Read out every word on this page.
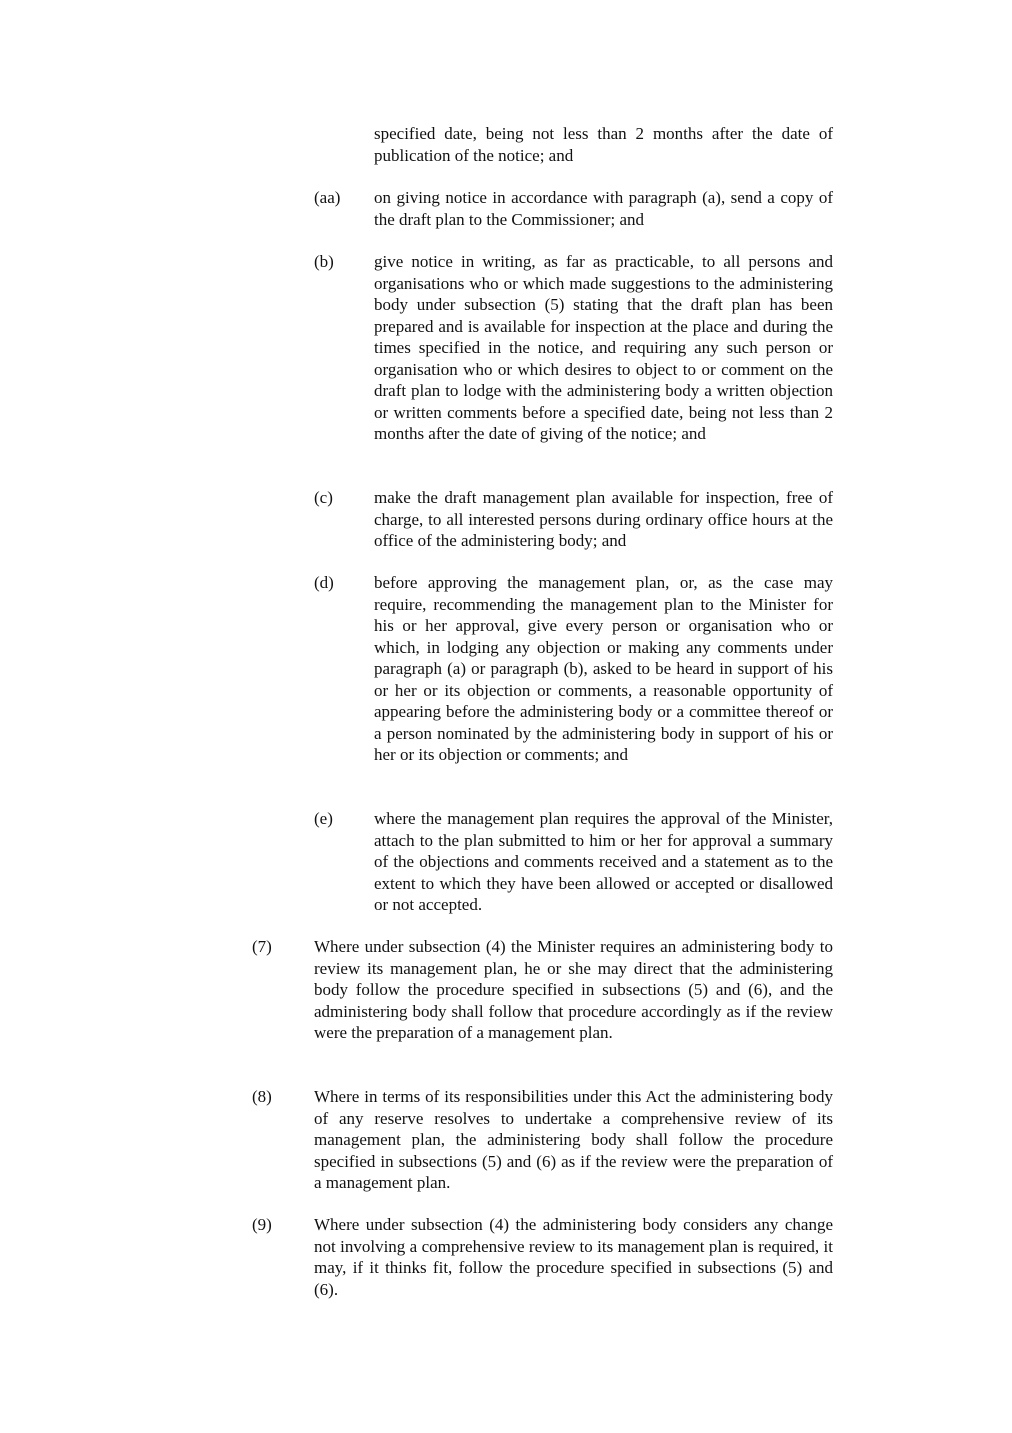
specified date, being not less than 2 months after the date of publication of the notice; and
(aa) on giving notice in accordance with paragraph (a), send a copy of the draft plan to the Commissioner; and
(b) give notice in writing, as far as practicable, to all persons and organisations who or which made suggestions to the administering body under subsection (5) stating that the draft plan has been prepared and is available for inspection at the place and during the times specified in the notice, and requiring any such person or organisation who or which desires to object to or comment on the draft plan to lodge with the administering body a written objection or written comments before a specified date, being not less than 2 months after the date of giving of the notice; and
(c) make the draft management plan available for inspection, free of charge, to all interested persons during ordinary office hours at the office of the administering body; and
(d) before approving the management plan, or, as the case may require, recommending the management plan to the Minister for his or her approval, give every person or organisation who or which, in lodging any objection or making any comments under paragraph (a) or paragraph (b), asked to be heard in support of his or her or its objection or comments, a reasonable opportunity of appearing before the administering body or a committee thereof or a person nominated by the administering body in support of his or her or its objection or comments; and
(e) where the management plan requires the approval of the Minister, attach to the plan submitted to him or her for approval a summary of the objections and comments received and a statement as to the extent to which they have been allowed or accepted or disallowed or not accepted.
(7) Where under subsection (4) the Minister requires an administering body to review its management plan, he or she may direct that the administering body follow the procedure specified in subsections (5) and (6), and the administering body shall follow that procedure accordingly as if the review were the preparation of a management plan.
(8) Where in terms of its responsibilities under this Act the administering body of any reserve resolves to undertake a comprehensive review of its management plan, the administering body shall follow the procedure specified in subsections (5) and (6) as if the review were the preparation of a management plan.
(9) Where under subsection (4) the administering body considers any change not involving a comprehensive review to its management plan is required, it may, if it thinks fit, follow the procedure specified in subsections (5) and (6).
